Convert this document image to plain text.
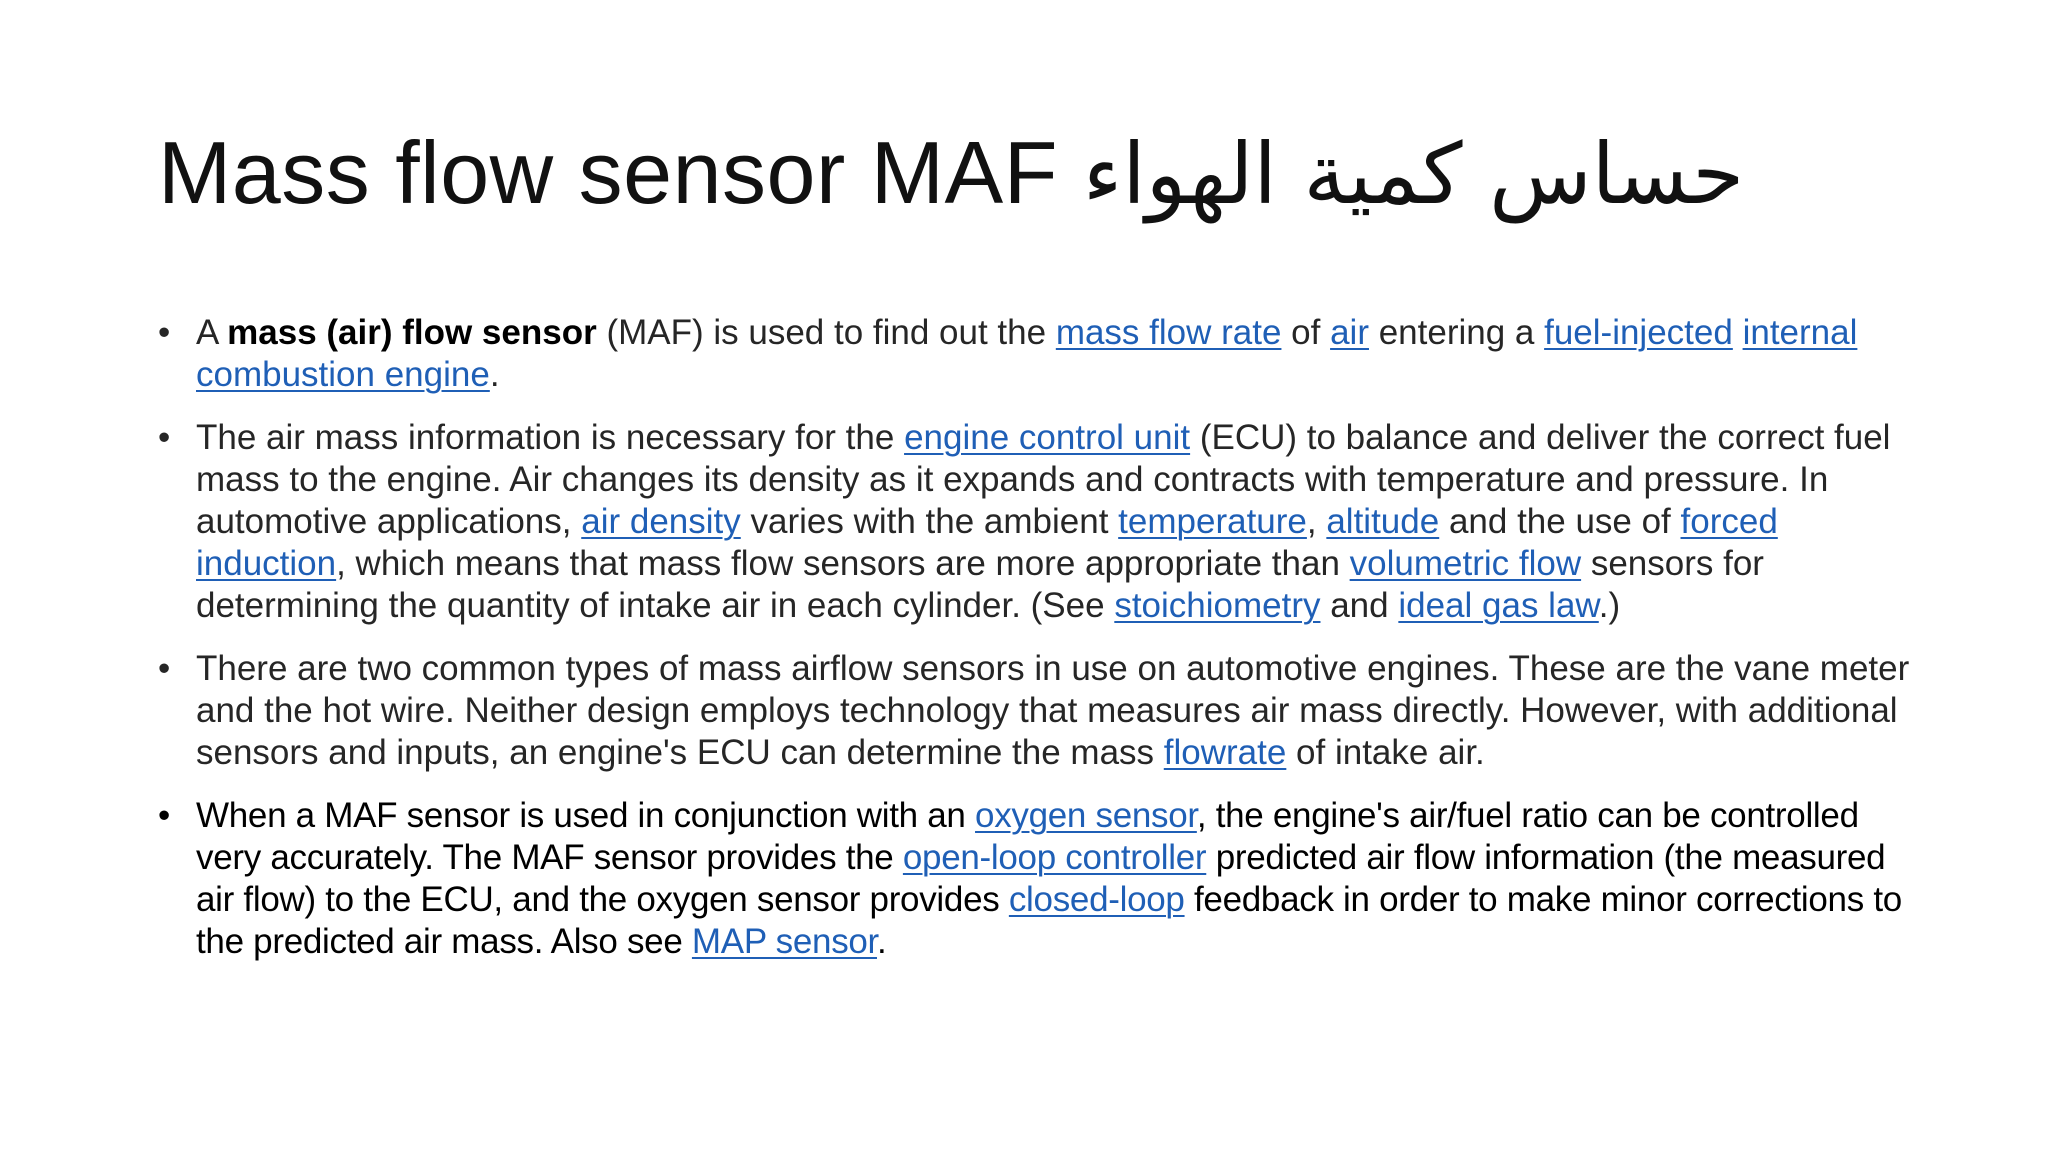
Mass flow sensor MAF حساس كمية الهواء
• A mass (air) flow sensor (MAF) is used to find out the mass flow rate of air entering a fuel-injected internal combustion engine.
• The air mass information is necessary for the engine control unit (ECU) to balance and deliver the correct fuel mass to the engine. Air changes its density as it expands and contracts with temperature and pressure. In automotive applications, air density varies with the ambient temperature, altitude and the use of forced induction, which means that mass flow sensors are more appropriate than volumetric flow sensors for determining the quantity of intake air in each cylinder. (See stoichiometry and ideal gas law.)
• There are two common types of mass airflow sensors in use on automotive engines. These are the vane meter and the hot wire. Neither design employs technology that measures air mass directly. However, with additional sensors and inputs, an engine's ECU can determine the mass flowrate of intake air.
• When a MAF sensor is used in conjunction with an oxygen sensor, the engine's air/fuel ratio can be controlled very accurately. The MAF sensor provides the open-loop controller predicted air flow information (the measured air flow) to the ECU, and the oxygen sensor provides closed-loop feedback in order to make minor corrections to the predicted air mass. Also see MAP sensor.
